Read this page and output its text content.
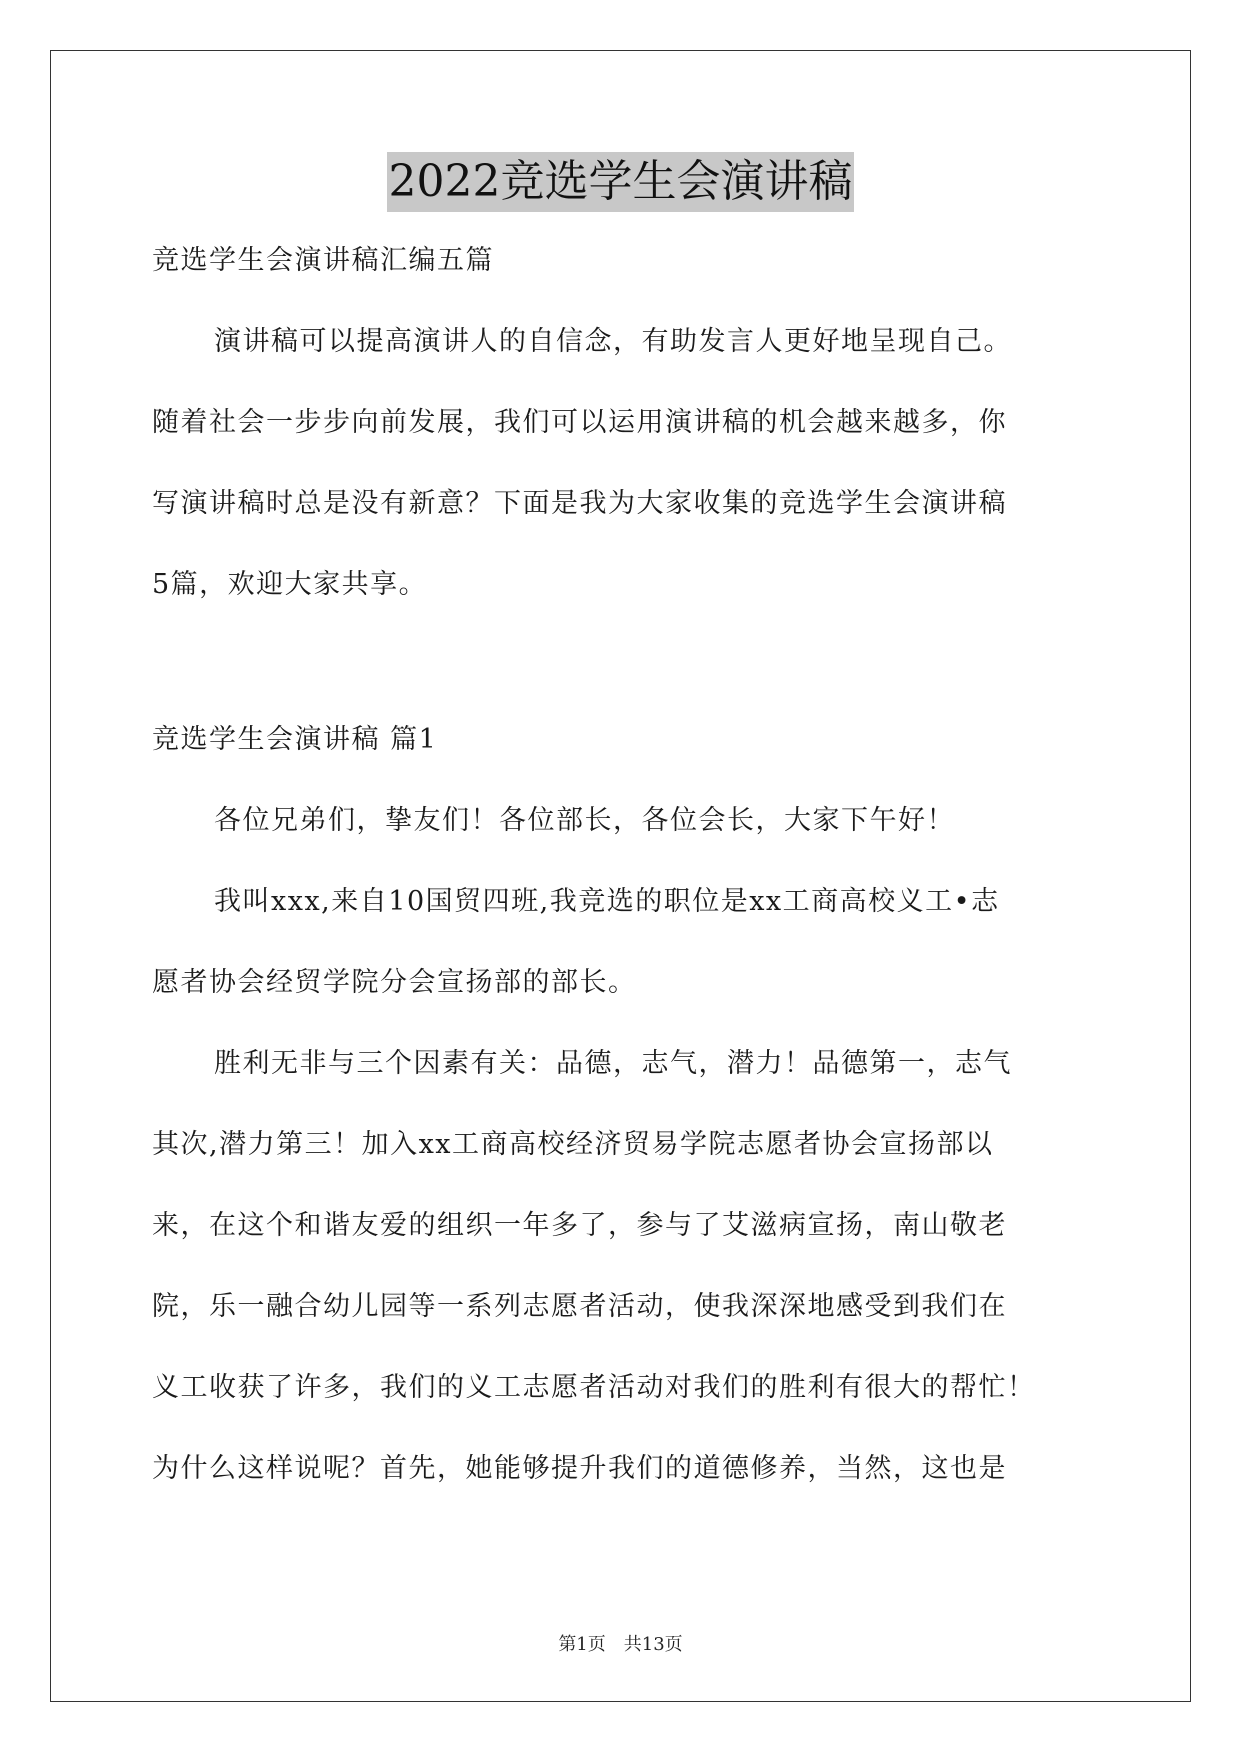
2022竞选学生会演讲稿
竞选学生会演讲稿汇编五篇
演讲稿可以提高演讲人的自信念，有助发言人更好地呈现自己。
随着社会一步步向前发展，我们可以运用演讲稿的机会越来越多，你
写演讲稿时总是没有新意？下面是我为大家收集的竞选学生会演讲稿
5篇，欢迎大家共享。
竞选学生会演讲稿 篇1
各位兄弟们，挚友们！各位部长，各位会长，大家下午好！
我叫xxx,来自10国贸四班,我竞选的职位是xx工商高校义工•志
愿者协会经贸学院分会宣扬部的部长。
胜利无非与三个因素有关：品德，志气，潜力！品德第一，志气
其次,潜力第三！加入xx工商高校经济贸易学院志愿者协会宣扬部以
来，在这个和谐友爱的组织一年多了，参与了艾滋病宣扬，南山敬老
院，乐一融合幼儿园等一系列志愿者活动，使我深深地感受到我们在
义工收获了许多，我们的义工志愿者活动对我们的胜利有很大的帮忙！
为什么这样说呢？首先，她能够提升我们的道德修养，当然，这也是
第1页　共13页
